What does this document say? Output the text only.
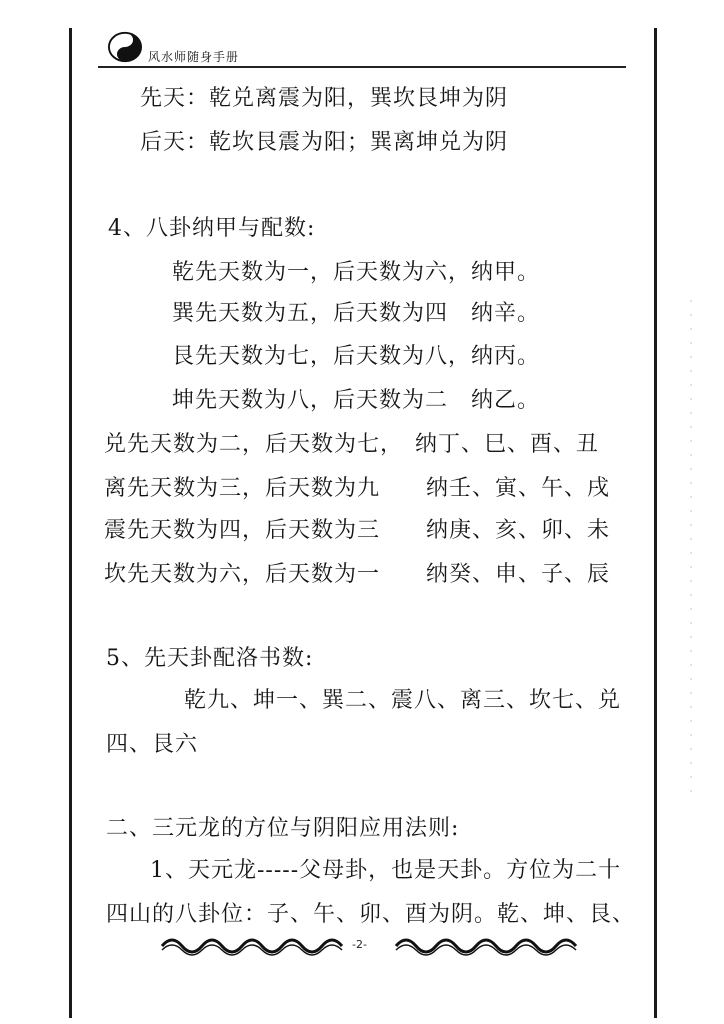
风水师随身手册
先天：乾兑离震为阳，巽坎艮坤为阴
后天：乾坎艮震为阳；巽离坤兑为阴
4、八卦纳甲与配数:
乾先天数为一，后天数为六，纳甲。
巽先天数为五，后天数为四　纳辛。
艮先天数为七，后天数为八，纳丙。
坤先天数为八，后天数为二　纳乙。
兑先天数为二，后天数为七，　纳丁、巳、酉、丑
离先天数为三，后天数为九　　纳壬、寅、午、戌
震先天数为四，后天数为三　　纳庚、亥、卯、未
坎先天数为六，后天数为一　　纳癸、申、子、辰
5、先天卦配洛书数:
乾九、坤一、巽二、震八、离三、坎七、兑
四、艮六
二、三元龙的方位与阴阳应用法则:
1、天元龙-----父母卦，也是天卦。方位为二十
四山的八卦位：子、午、卯、酉为阴。乾、坤、艮、
-2-
